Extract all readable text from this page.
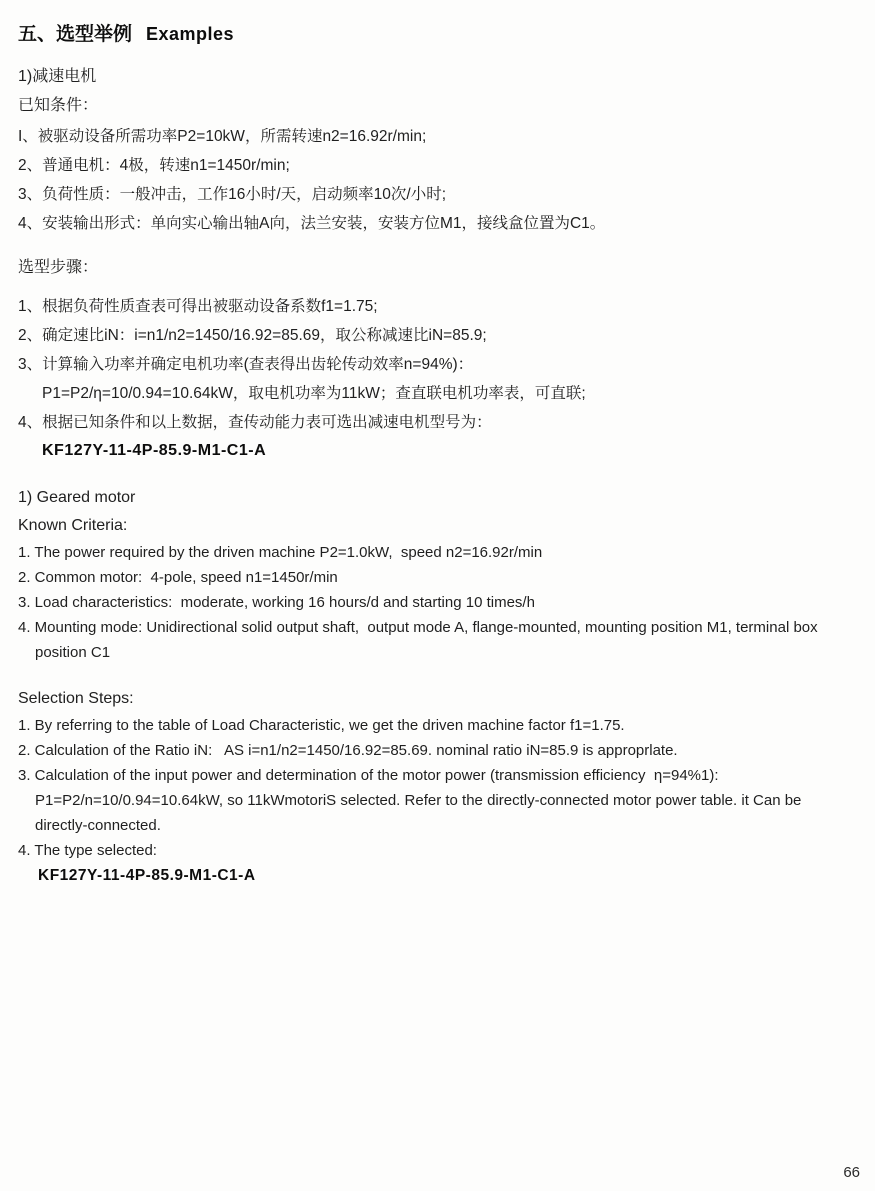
五、选型举例 Examples
1)减速电机
已知条件：
I、被驱动设备所需功率P2=10kW，所需转速n2=16.92r/min;
2、普通电机：4极，转速n1=1450r/min;
3、负荷性质：一般冲击，工作16小时/天，启动频率10次/小时;
4、安装输出形式：单向实心输出轴A向，法兰安装，安装方位M1，接线盒位置为C1。
选型步骤：
1、根据负荷性质查表可得出被驱动设备系数f1=1.75;
2、确定速比iN：i=n1/n2=1450/16.92=85.69，取公称减速比iN=85.9;
3、计算输入功率并确定电机功率(查表得出齿轮传动效率n=94%)：
P1=P2/η=10/0.94=10.64kW，取电机功率为11kW；查直联电机功率表，可直联;
4、根据已知条件和以上数据，查传动能力表可选出减速电机型号为：
KF127Y-11-4P-85.9-M1-C1-A
1) Geared motor
Known Criteria:
1. The power required by the driven machine P2=1.0kW,  speed n2=16.92r/min
2. Common motor:  4-pole, speed n1=1450r/min
3. Load characteristics:  moderate, working 16 hours/d and starting 10 times/h
4. Mounting mode: Unidirectional solid output shaft,  output mode A, flange-mounted, mounting position M1, terminal box  position C1
Selection Steps:
1. By referring to the table of Load Characteristic, we get the driven machine factor f1=1.75.
2. Calculation of the Ratio iN:   AS i=n1/n2=1450/16.92=85.69. nominal ratio iN=85.9 is approprlate.
3. Calculation of the input power and determination of the motor power (transmission efficiency  η=94%1):
P1=P2/n=10/0.94=10.64kW, so 11kWmotoriS selected. Refer to the directly-connected motor power table. it Can be directly-connected.
4. The type selected:
KF127Y-11-4P-85.9-M1-C1-A
66
